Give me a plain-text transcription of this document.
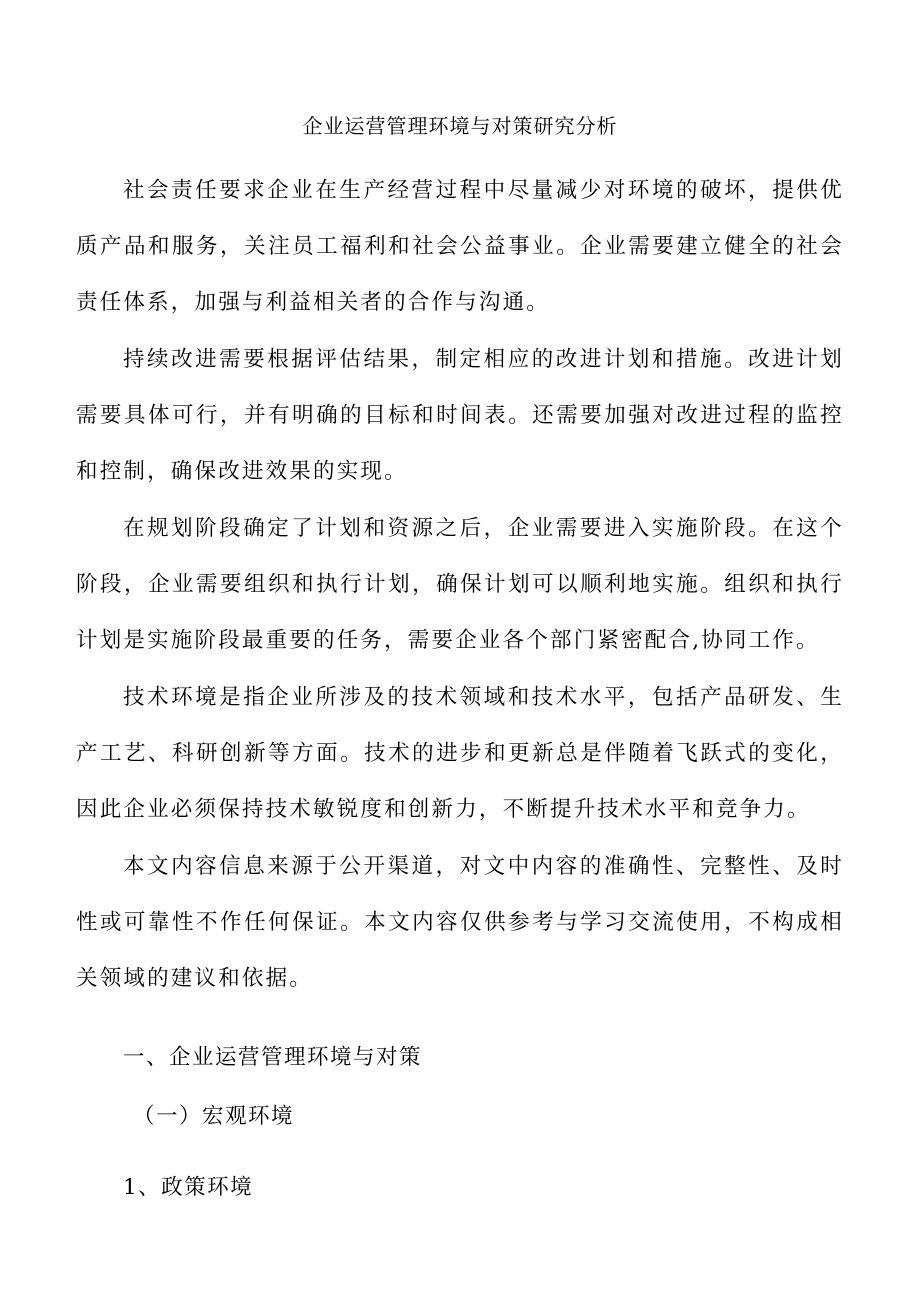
企业运营管理环境与对策研究分析

社会责任要求企业在生产经营过程中尽量减少对环境的破坏，提供优质产品和服务，关注员工福利和社会公益事业。企业需要建立健全的社会责任体系，加强与利益相关者的合作与沟通。

持续改进需要根据评估结果，制定相应的改进计划和措施。改进计划需要具体可行，并有明确的目标和时间表。还需要加强对改进过程的监控和控制，确保改进效果的实现。

在规划阶段确定了计划和资源之后，企业需要进入实施阶段。在这个阶段，企业需要组织和执行计划，确保计划可以顺利地实施。组织和执行计划是实施阶段最重要的任务，需要企业各个部门紧密配合,协同工作。

技术环境是指企业所涉及的技术领域和技术水平，包括产品研发、生产工艺、科研创新等方面。技术的进步和更新总是伴随着飞跃式的变化，因此企业必须保持技术敏锐度和创新力，不断提升技术水平和竞争力。

本文内容信息来源于公开渠道，对文中内容的准确性、完整性、及时性或可靠性不作任何保证。本文内容仅供参考与学习交流使用，不构成相关领域的建议和依据。

一、企业运营管理环境与对策

（一）宏观环境

1、政策环境
